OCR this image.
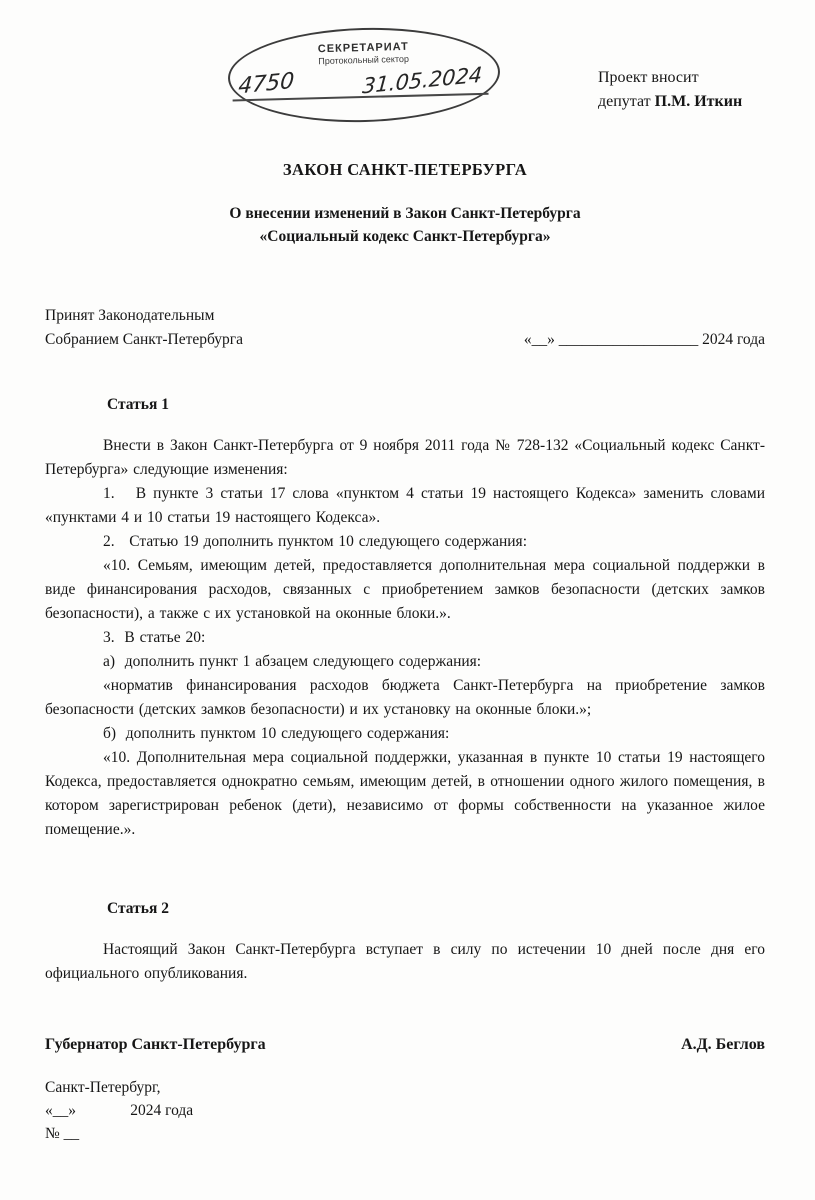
СЕКРЕТАРИАТ
Протокольный сектор
4750	31.05.2024	Проект вносит
депутат П.М. Иткин
ЗАКОН САНКТ-ПЕТЕРБУРГА
О внесении изменений в Закон Санкт-Петербурга
«Социальный кодекс Санкт-Петербурга»
Принят Законодательным
Собранием Санкт-Петербурга	«__» __________________ 2024 года
Статья 1

Внести в Закон Санкт-Петербурга от 9 ноября 2011 года № 728-132 «Социальный кодекс Санкт-Петербурга» следующие изменения:

1.   В пункте 3 статьи 17 слова «пунктом 4 статьи 19 настоящего Кодекса» заменить словами «пунктами 4 и 10 статьи 19 настоящего Кодекса».

2.   Статью 19 дополнить пунктом 10 следующего содержания:

«10. Семьям, имеющим детей, предоставляется дополнительная мера социальной поддержки в виде финансирования расходов, связанных с приобретением замков безопасности (детских замков безопасности), а также с их установкой на оконные блоки.».

3.  В статье 20:

а)  дополнить пункт 1 абзацем следующего содержания:

«норматив финансирования расходов бюджета Санкт-Петербурга на приобретение замков безопасности (детских замков безопасности) и их установку на оконные блоки.»;

б)  дополнить пунктом 10 следующего содержания:

«10. Дополнительная мера социальной поддержки, указанная в пункте 10 статьи 19 настоящего Кодекса, предоставляется однократно семьям, имеющим детей, в отношении одного жилого помещения, в котором зарегистрирован ребенок (дети), независимо от формы собственности на указанное жилое помещение.».

Статья 2

Настоящий Закон Санкт-Петербурга вступает в силу по истечении 10 дней после дня его официального опубликования.

Губернатор Санкт-Петербурга	А.Д. Беглов
Санкт-Петербург,
«__»              2024 года
№ __
